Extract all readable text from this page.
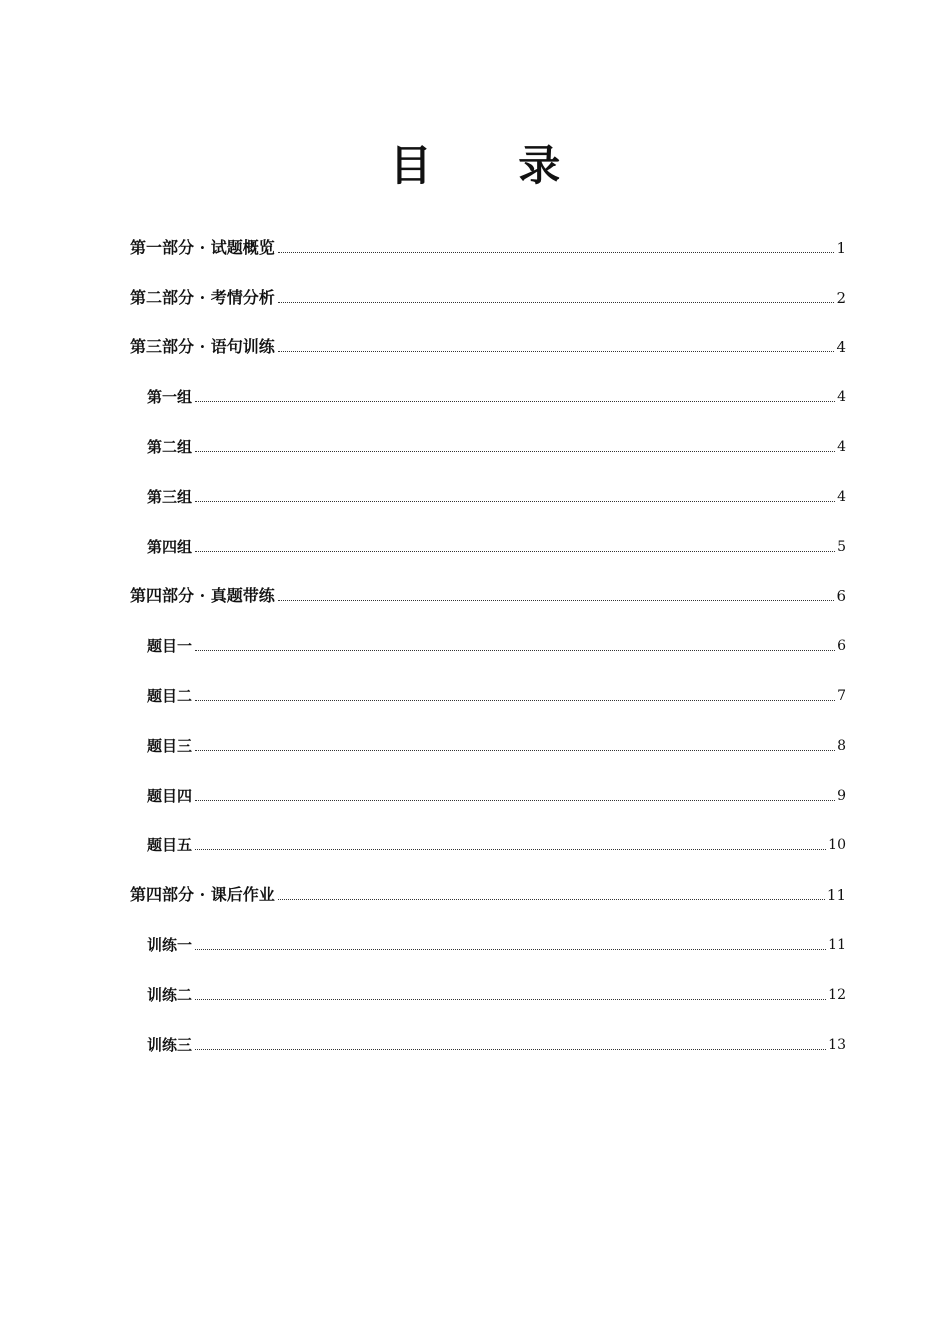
目 录
第一部分 · 试题概览	1
第二部分 · 考情分析	2
第三部分 · 语句训练	4
第一组	4
第二组	4
第三组	4
第四组	5
第四部分 · 真题带练	6
题目一	6
题目二	7
题目三	8
题目四	9
题目五	10
第四部分 · 课后作业	11
训练一	11
训练二	12
训练三	13
